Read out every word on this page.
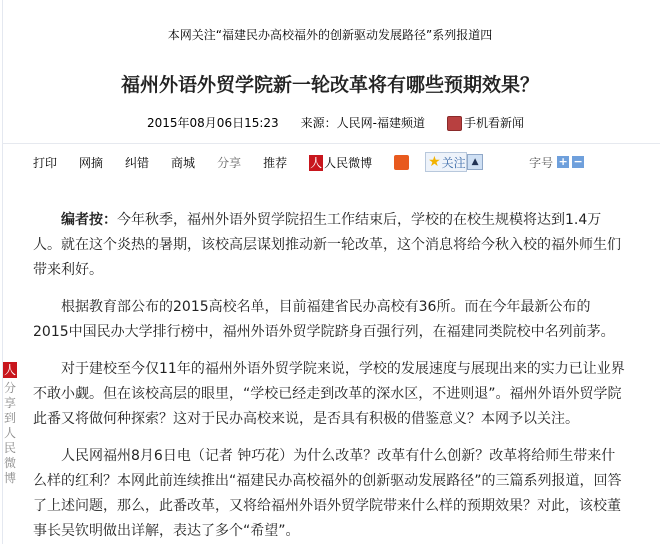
本网关注“福建民办高校福外的创新驱动发展路径”系列报道四
福州外语外贸学院新一轮改革将有哪些预期效果？
2015年08月06日15:23 来源：人民网-福建频道	手机看新闻
打印 网摘 纠错 商城 分享 推荐 人 人民微博	★ 关注 ▲	字号 + −
人
分
享
到
人
民
微
博

编者按：今年秋季，福州外语外贸学院招生工作结束后，学校的在校生规模将达到1.4万人。就在这个炎热的暑期，该校高层谋划推动新一轮改革，这个消息将给今秋入校的福外师生们带来利好。

根据教育部公布的2015高校名单，目前福建省民办高校有36所。而在今年最新公布的2015中国民办大学排行榜中，福州外语外贸学院跻身百强行列，在福建同类院校中名列前茅。

对于建校至今仅11年的福州外语外贸学院来说，学校的发展速度与展现出来的实力已让业界不敢小觑。但在该校高层的眼里，“学校已经走到改革的深水区，不进则退”。福州外语外贸学院此番又将做何种探索？这对于民办高校来说，是否具有积极的借鉴意义？本网予以关注。

人民网福州8月6日电（记者 钟巧花）为什么改革？改革有什么创新？改革将给师生带来什么样的红利？本网此前连续推出“福建民办高校福外的创新驱动发展路径”的三篇系列报道，回答了上述问题，那么，此番改革，又将给福州外语外贸学院带来什么样的预期效果？对此，该校董事长吴钦明做出详解，表达了多个“希望”。
